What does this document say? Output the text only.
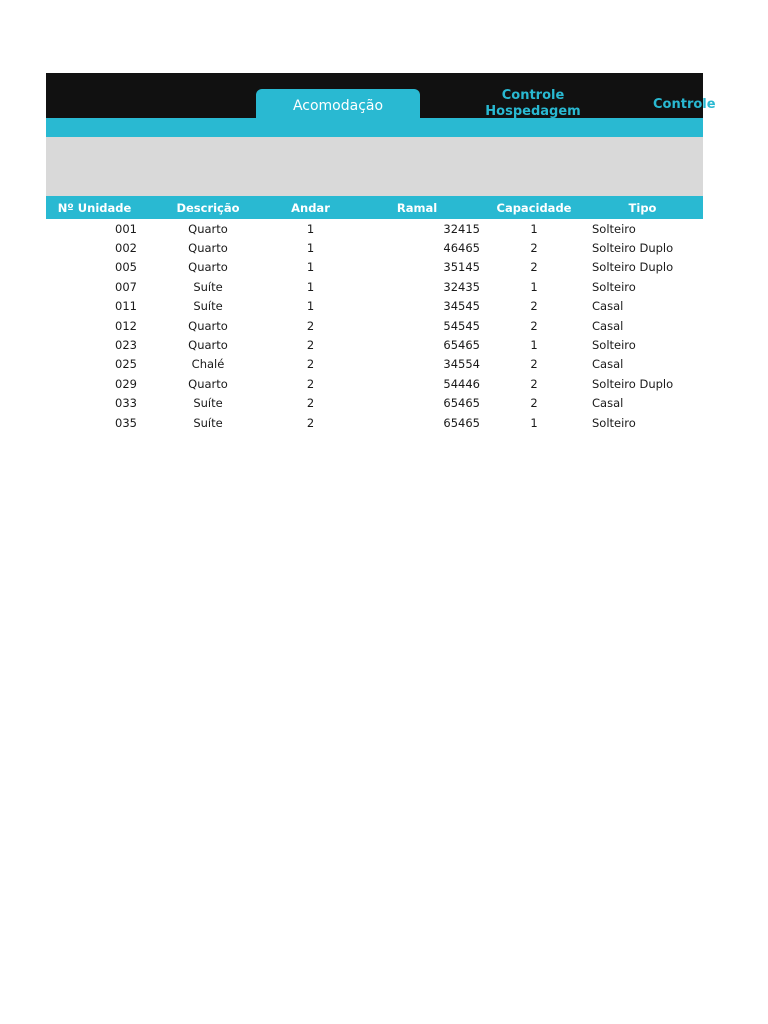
Acomodação
Controle Hospedagem	Controle
Nº Unidade	Descrição	Andar	Ramal	Capacidade	Tipo
001	Quarto	1	32415	1	Solteiro
002	Quarto	1	46465	2	Solteiro Duplo
005	Quarto	1	35145	2	Solteiro Duplo
007	Suíte	1	32435	1	Solteiro
011	Suíte	1	34545	2	Casal
012	Quarto	2	54545	2	Casal
023	Quarto	2	65465	1	Solteiro
025	Chalé	2	34554	2	Casal
029	Quarto	2	54446	2	Solteiro Duplo
033	Suíte	2	65465	2	Casal
035	Suíte	2	65465	1	Solteiro
